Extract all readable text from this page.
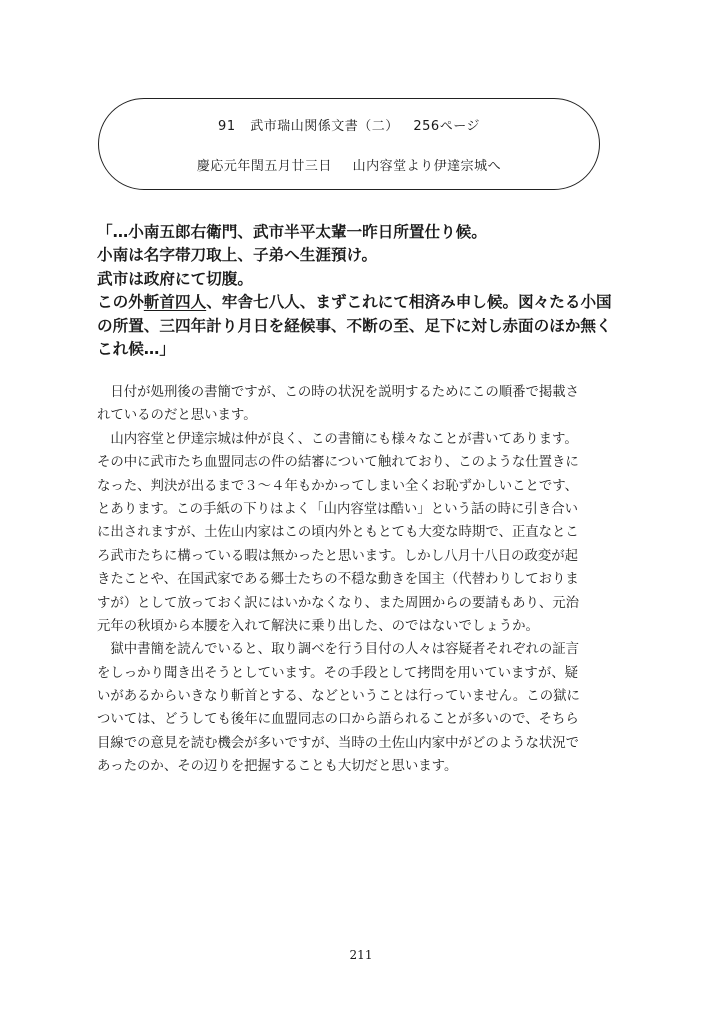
91 武市瑞山関係文書（二） 256ページ
慶応元年閏五月廿三日 山内容堂より伊達宗城へ
「…小南五郎右衛門、武市半平太輩一昨日所置仕り候。
小南は名字帯刀取上、子弟へ生涯預け。
武市は政府にて切腹。
この外斬首四人、牢舎七八人、まずこれにて相済み申し候。図々たる小国
の所置、三四年計り月日を経候事、不断の至、足下に対し赤面のほか無く
これ候…」
　日付が処刑後の書簡ですが、この時の状況を説明するためにこの順番で掲載さ
れているのだと思います。
　山内容堂と伊達宗城は仲が良く、この書簡にも様々なことが書いてあります。
その中に武市たち血盟同志の件の結審について触れており、このような仕置きに
なった、判決が出るまで３～４年もかかってしまい全くお恥ずかしいことです、
とあります。この手紙の下りはよく「山内容堂は酷い」という話の時に引き合い
に出されますが、土佐山内家はこの頃内外ともとても大変な時期で、正直なとこ
ろ武市たちに構っている暇は無かったと思います。しかし八月十八日の政変が起
きたことや、在国武家である郷士たちの不穏な動きを国主（代替わりしておりま
すが）として放っておく訳にはいかなくなり、また周囲からの要請もあり、元治
元年の秋頃から本腰を入れて解決に乗り出した、のではないでしょうか。
　獄中書簡を読んでいると、取り調べを行う目付の人々は容疑者それぞれの証言
をしっかり聞き出そうとしています。その手段として拷問を用いていますが、疑
いがあるからいきなり斬首とする、などということは行っていません。この獄に
ついては、どうしても後年に血盟同志の口から語られることが多いので、そちら
目線での意見を読む機会が多いですが、当時の土佐山内家中がどのような状況で
あったのか、その辺りを把握することも大切だと思います。
211
